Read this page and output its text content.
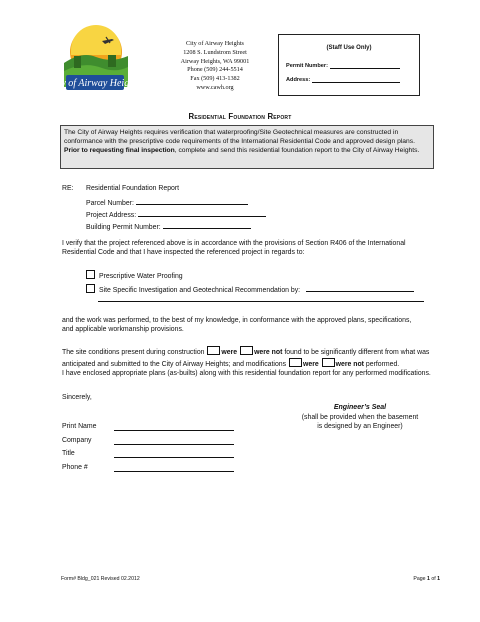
City of Airway Heights
City of Airway Heights
1208 S. Lundstrom Street
Airway Heights, WA 99001
Phone (509) 244-5514
Fax (509) 413-1382
www.cawh.org
(Staff Use Only)
Permit Number:
Address:
Residential Foundation Report
The City of Airway Heights requires verification that waterproofing/Site Geotechnical measures are constructed in conformance with the prescriptive code requirements of the International Residential Code and approved design plans. Prior to requesting final inspection, complete and send this residential foundation report to the City of Airway Heights.
RE: Residential Foundation Report
Parcel Number:
Project Address:
Building Permit Number:
I verify that the project referenced above is in accordance with the provisions of Section R406 of the International Residential Code and that I have inspected the referenced project in regards to:
Prescriptive Water Proofing
Site Specific Investigation and Geotechnical Recommendation by:
and the work was performed, to the best of my knowledge, in conformance with the approved plans, specifications, and applicable workmanship provisions.
The site conditions present during construction were were not found to be significantly different from what was anticipated and submitted to the City of Airway Heights; and modifications were were not performed.
I have enclosed appropriate plans (as-builts) along with this residential foundation report for any performed modifications.
Sincerely,
Engineer’s Seal
(shall be provided when the basement
is designed by an Engineer)
Print Name
Company
Title
Phone #
Form# Bldg_021 Revised 02.2012	Page 1 of 1
